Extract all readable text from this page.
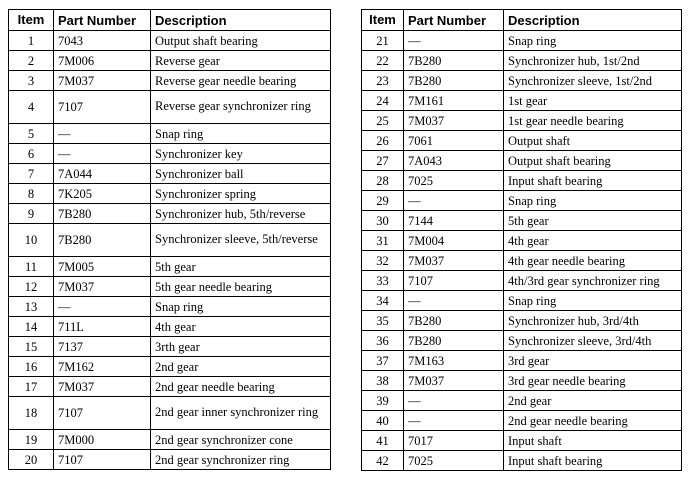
Item	Part Number	Description
1	7043	Output shaft bearing
2	7M006	Reverse gear
3	7M037	Reverse gear needle bearing
4	7107	Reverse gear synchronizer ring
5	—	Snap ring
6	—	Synchronizer key
7	7A044	Synchronizer ball
8	7K205	Synchronizer spring
9	7B280	Synchronizer hub, 5th/reverse
10	7B280	Synchronizer sleeve, 5th/reverse
11	7M005	5th gear
12	7M037	5th gear needle bearing
13	—	Snap ring
14	711L	4th gear
15	7137	3rth gear
16	7M162	2nd gear
17	7M037	2nd gear needle bearing
18	7107	2nd gear inner synchronizer ring
19	7M000	2nd gear synchronizer cone
20	7107	2nd gear synchronizer ring
Item	Part Number	Description
21	—	Snap ring
22	7B280	Synchronizer hub, 1st/2nd
23	7B280	Synchronizer sleeve, 1st/2nd
24	7M161	1st gear
25	7M037	1st gear needle bearing
26	7061	Output shaft
27	7A043	Output shaft bearing
28	7025	Input shaft bearing
29	—	Snap ring
30	7144	5th gear
31	7M004	4th gear
32	7M037	4th gear needle bearing
33	7107	4th/3rd gear synchronizer ring
34	—	Snap ring
35	7B280	Synchronizer hub, 3rd/4th
36	7B280	Synchronizer sleeve, 3rd/4th
37	7M163	3rd gear
38	7M037	3rd gear needle bearing
39	—	2nd gear
40	—	2nd gear needle bearing
41	7017	Input shaft
42	7025	Input shaft bearing
